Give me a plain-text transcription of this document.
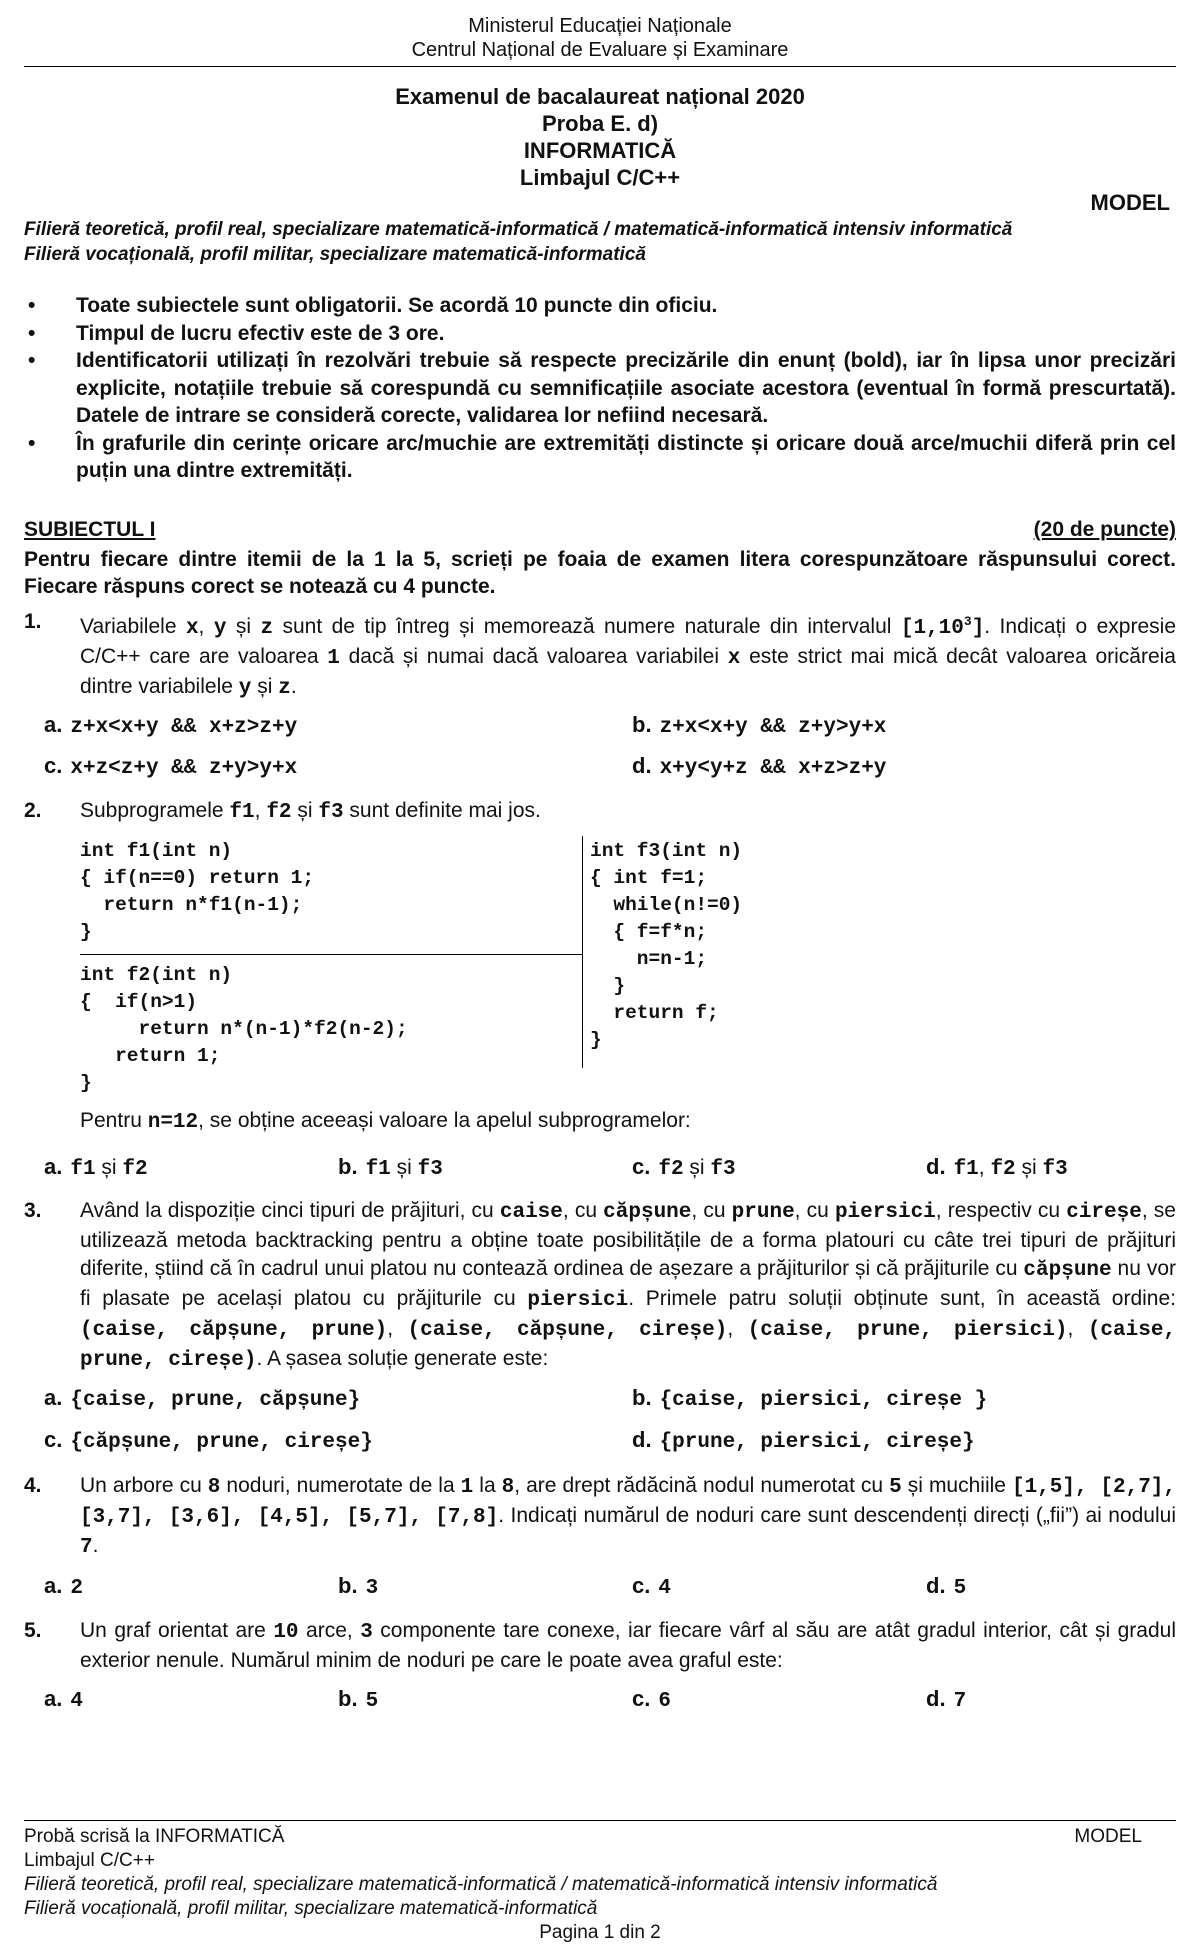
Ministerul Educației Naționale
Centrul Național de Evaluare și Examinare
Examenul de bacalaureat național 2020
Proba E. d)
INFORMATICĂ
Limbajul C/C++
MODEL
Filieră teoretică, profil real, specializare matematică-informatică / matematică-informatică intensiv informatică
Filieră vocațională, profil militar, specializare matematică-informatică
• Toate subiectele sunt obligatorii. Se acordă 10 puncte din oficiu.
• Timpul de lucru efectiv este de 3 ore.
• Identificatorii utilizați în rezolvări trebuie să respecte precizările din enunț (bold), iar în lipsa unor precizări explicite, notațiile trebuie să corespundă cu semnificațiile asociate acestora (eventual în formă prescurtată). Datele de intrare se consideră corecte, validarea lor nefiind necesară.
• În grafurile din cerințe oricare arc/muchie are extremități distincte și oricare două arce/muchii diferă prin cel puțin una dintre extremități.
SUBIECTUL I	(20 de puncte)
Pentru fiecare dintre itemii de la 1 la 5, scrieți pe foaia de examen litera corespunzătoare răspunsului corect. Fiecare răspuns corect se notează cu 4 puncte.
1. Variabilele x, y și z sunt de tip întreg și memorează numere naturale din intervalul [1,10$^3$]. Indicați o expresie C/C++ care are valoarea 1 dacă și numai dacă valoarea variabilei x este strict mai mică decât valoarea oricăreia dintre variabilele y și z.
a. z+x<x+y && x+z>z+y	b. z+x<x+y && z+y>y+x
c. x+z<z+y && z+y>y+x	d. x+y<y+z && x+z>z+y
2. Subprogramele f1, f2 și f3 sunt definite mai jos.
int f1(int n)
{ if(n==0) return 1;
return n*f1(n-1);
}
int f2(int n)
{  if(n>1)
return n*(n-1)*f2(n-2);
return 1;
}
int f3(int n)
{ int f=1;
while(n!=0)
{ f=f*n;
n=n-1;
}
return f;
}
Pentru n=12, se obține aceeași valoare la apelul subprogramelor:
a. f1 și f2	b. f1 și f3	c. f2 și f3	d. f1, f2 și f3
3. Având la dispoziție cinci tipuri de prăjituri, cu caise, cu căpșune, cu prune, cu piersici, respectiv cu cireșe, se utilizează metoda backtracking pentru a obține toate posibilitățile de a forma platouri cu câte trei tipuri de prăjituri diferite, știind că în cadrul unui platou nu contează ordinea de așezare a prăjiturilor și că prăjiturile cu căpșune nu vor fi plasate pe același platou cu prăjiturile cu piersici. Primele patru soluții obținute sunt, în această ordine: (caise, căpșune, prune), (caise, căpșune, cireșe), (caise, prune, piersici), (caise, prune, cireșe). A șasea soluție generate este:
a. {caise, prune, căpșune}	b. {caise, piersici, cireșe }
c. {căpșune, prune, cireșe}	d. {prune, piersici, cireșe}
4. Un arbore cu 8 noduri, numerotate de la 1 la 8, are drept rădăcină nodul numerotat cu 5 și muchiile [1,5], [2,7], [3,7], [3,6], [4,5], [5,7], [7,8]. Indicați numărul de noduri care sunt descendenți direcți („fii”) ai nodului 7.
a. 2	b. 3	c. 4	d. 5
5. Un graf orientat are 10 arce, 3 componente tare conexe, iar fiecare vârf al său are atât gradul interior, cât și gradul exterior nenule. Numărul minim de noduri pe care le poate avea graful este:
a. 4	b. 5	c. 6	d. 7
Probă scrisă la INFORMATICĂ	MODEL
Limbajul C/C++
Filieră teoretică, profil real, specializare matematică-informatică / matematică-informatică intensiv informatică
Filieră vocațională, profil militar, specializare matematică-informatică
Pagina 1 din 2
